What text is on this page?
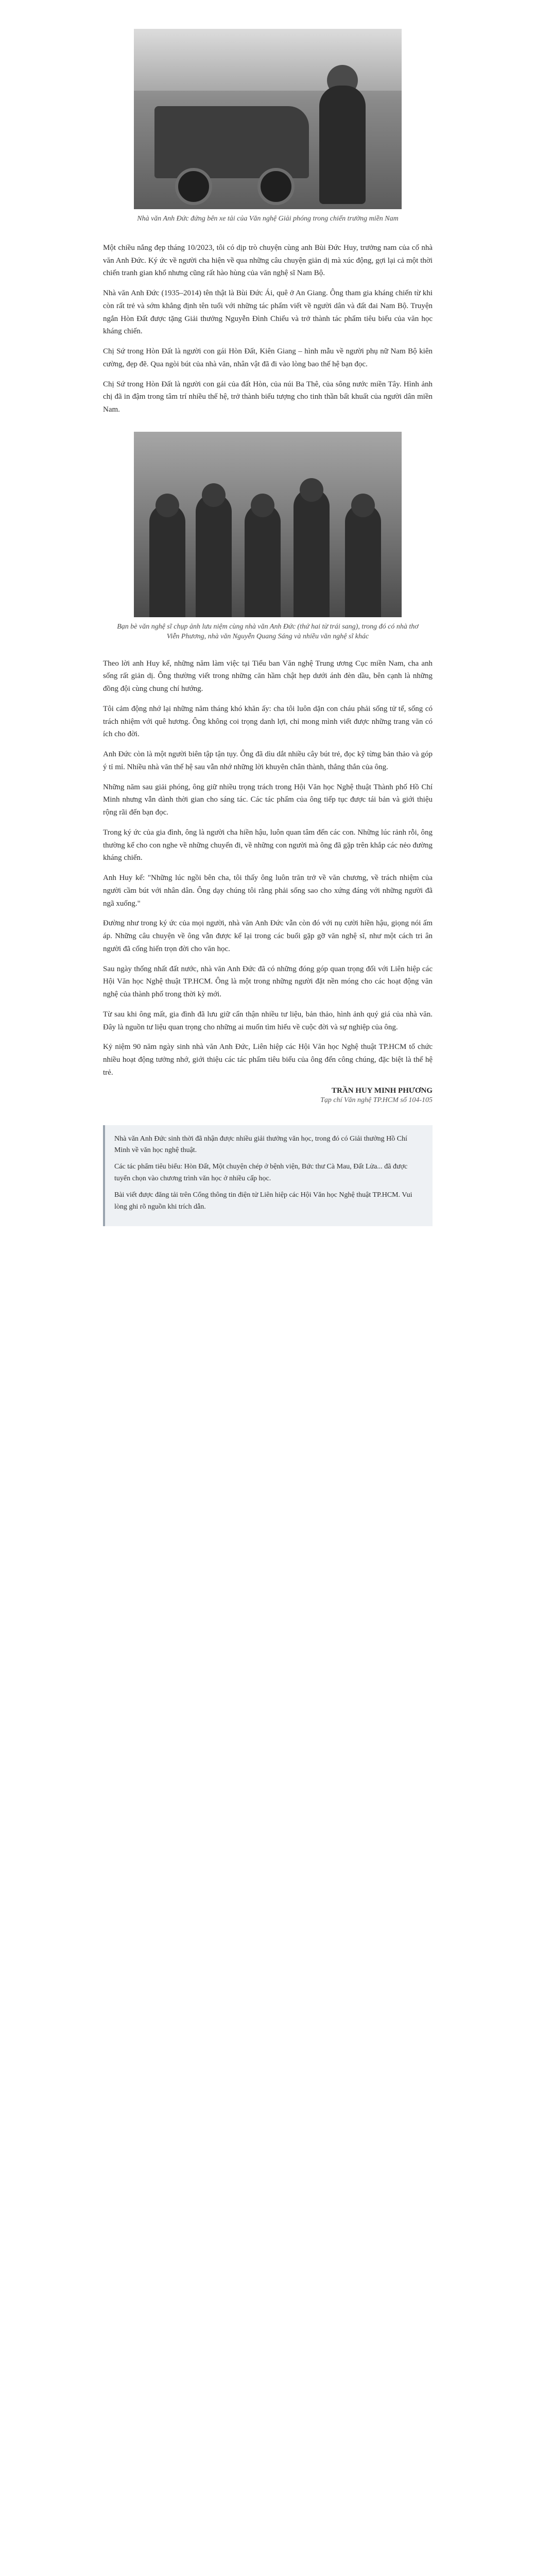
Nhà văn Anh Đức đứng bên xe tải của Văn nghệ Giải phóng trong chiến trường miền Nam

Một chiều nắng đẹp tháng 10/2023, tôi có dịp trò chuyện cùng anh Bùi Đức Huy, trưởng nam của cố nhà văn Anh Đức. Ký ức về người cha hiện về qua những câu chuyện giản dị mà xúc động, gợi lại cả một thời chiến tranh gian khổ nhưng cũng rất hào hùng của văn nghệ sĩ Nam Bộ.

Nhà văn Anh Đức (1935–2014) tên thật là Bùi Đức Ái, quê ở An Giang. Ông tham gia kháng chiến từ khi còn rất trẻ và sớm khẳng định tên tuổi với những tác phẩm viết về người dân và đất đai Nam Bộ. Truyện ngắn Hòn Đất được tặng Giải thưởng Nguyễn Đình Chiểu và trở thành tác phẩm tiêu biểu của văn học kháng chiến.

Chị Sứ trong Hòn Đất là người con gái Hòn Đất, Kiên Giang – hình mẫu về người phụ nữ Nam Bộ kiên cường, đẹp đẽ. Qua ngòi bút của nhà văn, nhân vật đã đi vào lòng bao thế hệ bạn đọc.

Chị Sứ trong Hòn Đất là người con gái của đất Hòn, của núi Ba Thê, của sông nước miền Tây. Hình ảnh chị đã in đậm trong tâm trí nhiều thế hệ, trở thành biểu tượng cho tinh thần bất khuất của người dân miền Nam.

Bạn bè văn nghệ sĩ chụp ảnh lưu niệm cùng nhà văn Anh Đức (thứ hai từ trái sang), trong đó có nhà thơ Viễn Phương, nhà văn Nguyễn Quang Sáng và nhiều văn nghệ sĩ khác

Theo lời anh Huy kể, những năm làm việc tại Tiểu ban Văn nghệ Trung ương Cục miền Nam, cha anh sống rất giản dị. Ông thường viết trong những căn hầm chật hẹp dưới ánh đèn dầu, bên cạnh là những đồng đội cùng chung chí hướng.

Tôi cảm động nhớ lại những năm tháng khó khăn ấy: cha tôi luôn dặn con cháu phải sống tử tế, sống có trách nhiệm với quê hương. Ông không coi trọng danh lợi, chỉ mong mình viết được những trang văn có ích cho đời.

Anh Đức còn là một người biên tập tận tụy. Ông đã dìu dắt nhiều cây bút trẻ, đọc kỹ từng bản thảo và góp ý tỉ mỉ. Nhiều nhà văn thế hệ sau vẫn nhớ những lời khuyên chân thành, thẳng thắn của ông.

Những năm sau giải phóng, ông giữ nhiều trọng trách trong Hội Văn học Nghệ thuật Thành phố Hồ Chí Minh nhưng vẫn dành thời gian cho sáng tác. Các tác phẩm của ông tiếp tục được tái bản và giới thiệu rộng rãi đến bạn đọc.

Trong ký ức của gia đình, ông là người cha hiền hậu, luôn quan tâm đến các con. Những lúc rảnh rỗi, ông thường kể cho con nghe về những chuyến đi, về những con người mà ông đã gặp trên khắp các nẻo đường kháng chiến.

Anh Huy kể: "Những lúc ngồi bên cha, tôi thấy ông luôn trăn trở về văn chương, về trách nhiệm của người cầm bút với nhân dân. Ông dạy chúng tôi rằng phải sống sao cho xứng đáng với những người đã ngã xuống."

Đường như trong ký ức của mọi người, nhà văn Anh Đức vẫn còn đó với nụ cười hiền hậu, giọng nói ấm áp. Những câu chuyện về ông vẫn được kể lại trong các buổi gặp gỡ văn nghệ sĩ, như một cách tri ân người đã cống hiến trọn đời cho văn học.

Sau ngày thống nhất đất nước, nhà văn Anh Đức đã có những đóng góp quan trọng đối với Liên hiệp các Hội Văn học Nghệ thuật TP.HCM. Ông là một trong những người đặt nền móng cho các hoạt động văn nghệ của thành phố trong thời kỳ mới.

Từ sau khi ông mất, gia đình đã lưu giữ cẩn thận nhiều tư liệu, bản thảo, hình ảnh quý giá của nhà văn. Đây là nguồn tư liệu quan trọng cho những ai muốn tìm hiểu về cuộc đời và sự nghiệp của ông.

Kỷ niệm 90 năm ngày sinh nhà văn Anh Đức, Liên hiệp các Hội Văn học Nghệ thuật TP.HCM tổ chức nhiều hoạt động tưởng nhớ, giới thiệu các tác phẩm tiêu biểu của ông đến công chúng, đặc biệt là thế hệ trẻ.

TRẦN HUY MINH PHƯƠNG
Tạp chí Văn nghệ TP.HCM số 104-105

Nhà văn Anh Đức sinh thời đã nhận được nhiều giải thưởng văn học, trong đó có Giải thưởng Hồ Chí Minh về văn học nghệ thuật.

Các tác phẩm tiêu biểu: Hòn Đất, Một chuyện chép ở bệnh viện, Bức thư Cà Mau, Đất Lửa... đã được tuyển chọn vào chương trình văn học ở nhiều cấp học.

Bài viết được đăng tải trên Cổng thông tin điện tử Liên hiệp các Hội Văn học Nghệ thuật TP.HCM. Vui lòng ghi rõ nguồn khi trích dẫn.
